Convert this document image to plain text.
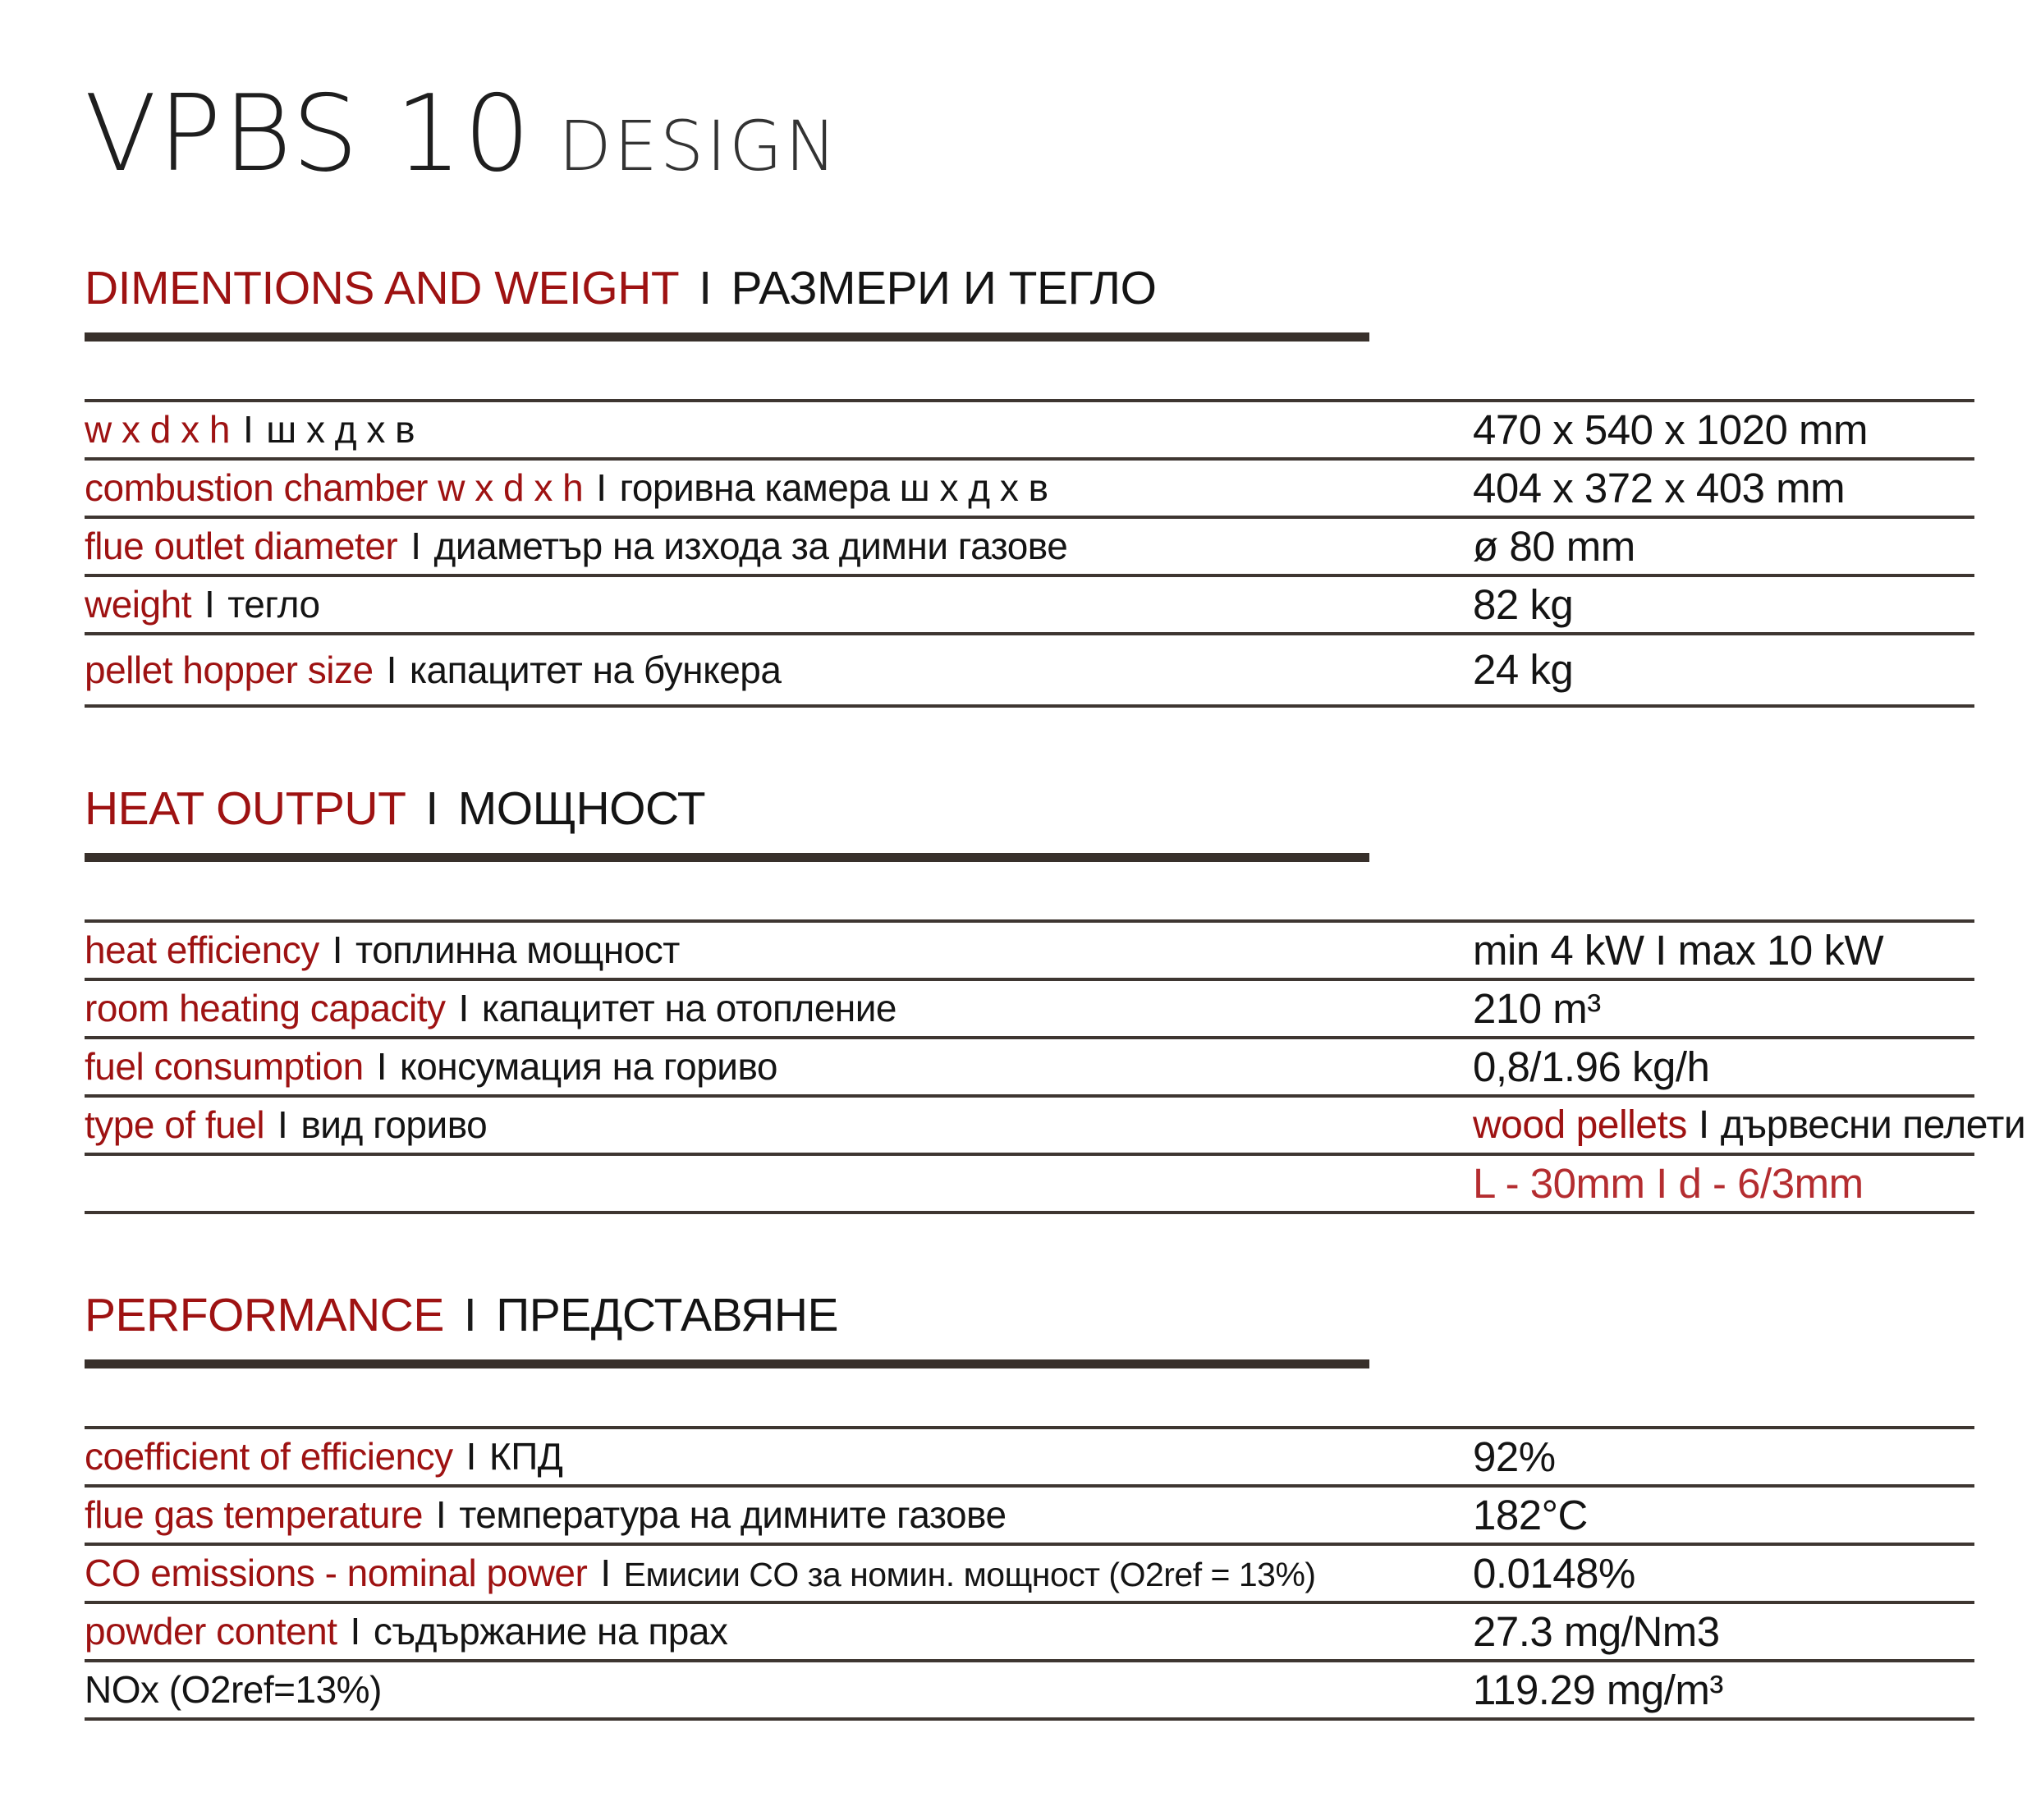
VPBS 10 DESIGN
DIMENTIONS AND WEIGHT I РАЗМЕРИ И ТЕГЛО
w x d x h I ш х д х в	470 x 540 x 1020 mm
combustion chamber w x d x h I горивна камера ш х д х в	404 x 372 x 403 mm
flue outlet diameter I диаметър на изхода за димни газове	ø 80 mm
weight I тегло	82 kg
pellet hopper size I капацитет на бункера	24 kg
HEAT OUTPUT I МОЩНОСТ
heat efficiency I топлинна мощност	min 4 kW I max 10 kW
room heating capacity I капацитет на отопление	210 m³
fuel consumption I консумация на гориво	0,8/1.96 kg/h
type of fuel I вид гориво	wood pellets I дървесни пелети
L - 30mm I d - 6/3mm
PERFORMANCE I ПРЕДСТАВЯНЕ
coefficient of efficiency I КПД	92%
flue gas temperature I температура на димните газове	182°C
CO emissions - nominal power I Емисии CO за номин. мощност (O2ref = 13%)	0.0148%
powder content I съдържание на прах	27.3 mg/Nm3
NOx (O2ref=13%)	119.29 mg/m³
